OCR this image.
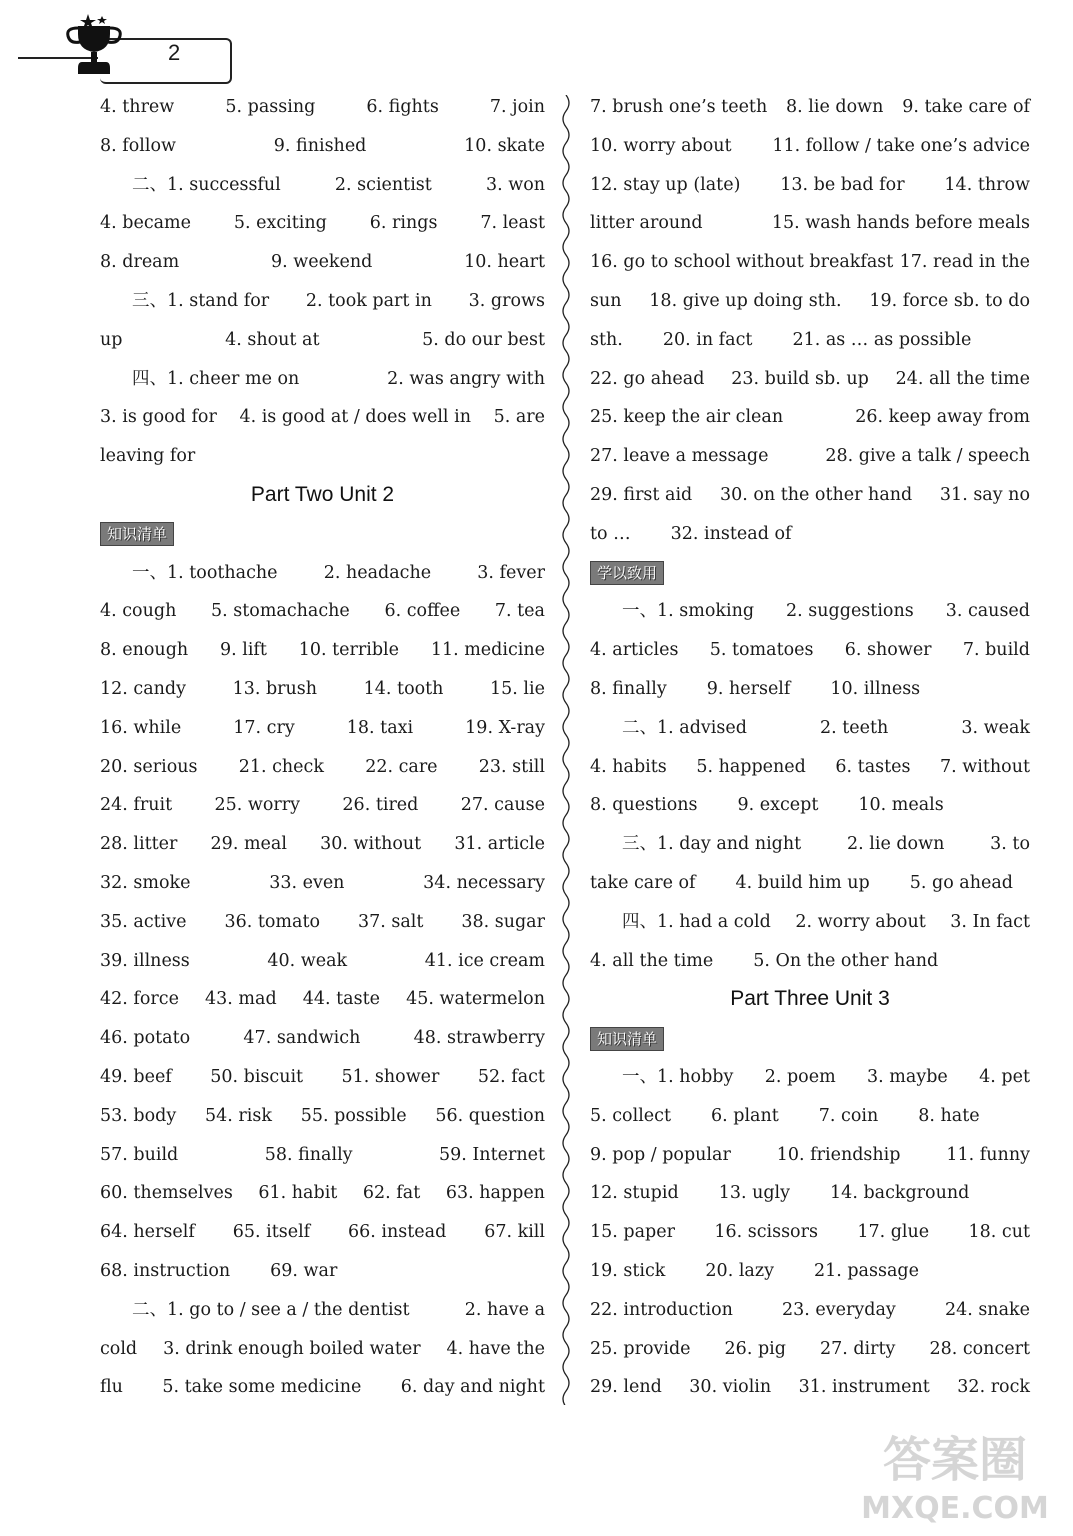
2
4. threw	5. passing	6. fights	7. join
8. follow	9. finished	10. skate
二、1. successful	2. scientist	3. won
4. became 5. exciting 6. rings 7. least
8. dream	9. weekend	10. heart
三、1. stand for 2. took part in 3. grows
up	4. shout at	5. do our best
四、1. cheer me on	2. was angry with
3. is good for 4. is good at / does well in 5. are
leaving for
Part Two Unit 2
知识清单
一、1. toothache	2. headache	3. fever
4. cough 5. stomachache 6. coffee 7. tea
8. enough 9. lift 10. terrible 11. medicine
12. candy	13. brush	14. tooth	15. lie
16. while	17. cry	18. taxi	19. X-ray
20. serious 21. check 22. care 23. still
24. fruit 25. worry 26. tired 27. cause
28. litter 29. meal 30. without 31. article
32. smoke	33. even	34. necessary
35. active 36. tomato 37. salt 38. sugar
39. illness	40. weak	41. ice cream
42. force 43. mad 44. taste 45. watermelon
46. potato	47. sandwich	48. strawberry
49. beef 50. biscuit 51. shower 52. fact
53. body 54. risk 55. possible 56. question
57. build	58. finally	59. Internet
60. themselves 61. habit 62. fat 63. happen
64. herself 65. itself 66. instead 67. kill
68. instruction 69. war
二、1. go to / see a / the dentist	2. have a
cold 3. drink enough boiled water 4. have the
flu 5. take some medicine 6. day and night
7. brush one’s teeth 8. lie down 9. take care of
10. worry about 11. follow / take one’s advice
12. stay up (late) 13. be bad for 14. throw
litter around	15. wash hands before meals
16. go to school without breakfast 17. read in the
sun 18. give up doing sth. 19. force sb. to do
sth. 20. in fact 21. as … as possible
22. go ahead 23. build sb. up 24. all the time
25. keep the air clean	26. keep away from
27. leave a message	28. give a talk / speech
29. first aid 30. on the other hand 31. say no
to … 32. instead of
学以致用
一、1. smoking 2. suggestions 3. caused
4. articles 5. tomatoes 6. shower 7. build
8. finally 9. herself 10. illness
二、1. advised	2. teeth	3. weak
4. habits 5. happened 6. tastes 7. without
8. questions 9. except 10. meals
三、1. day and night	2. lie down	3. to
take care of 4. build him up 5. go ahead
四、1. had a cold 2. worry about 3. In fact
4. all the time 5. On the other hand
Part Three Unit 3
知识清单
一、1. hobby 2. poem 3. maybe 4. pet
5. collect 6. plant 7. coin 8. hate
9. pop / popular	10. friendship	11. funny
12. stupid 13. ugly 14. background
15. paper 16. scissors 17. glue 18. cut
19. stick 20. lazy 21. passage
22. introduction	23. everyday	24. snake
25. provide 26. pig 27. dirty 28. concert
29. lend 30. violin 31. instrument 32. rock
答案圈
MXQE.COM
